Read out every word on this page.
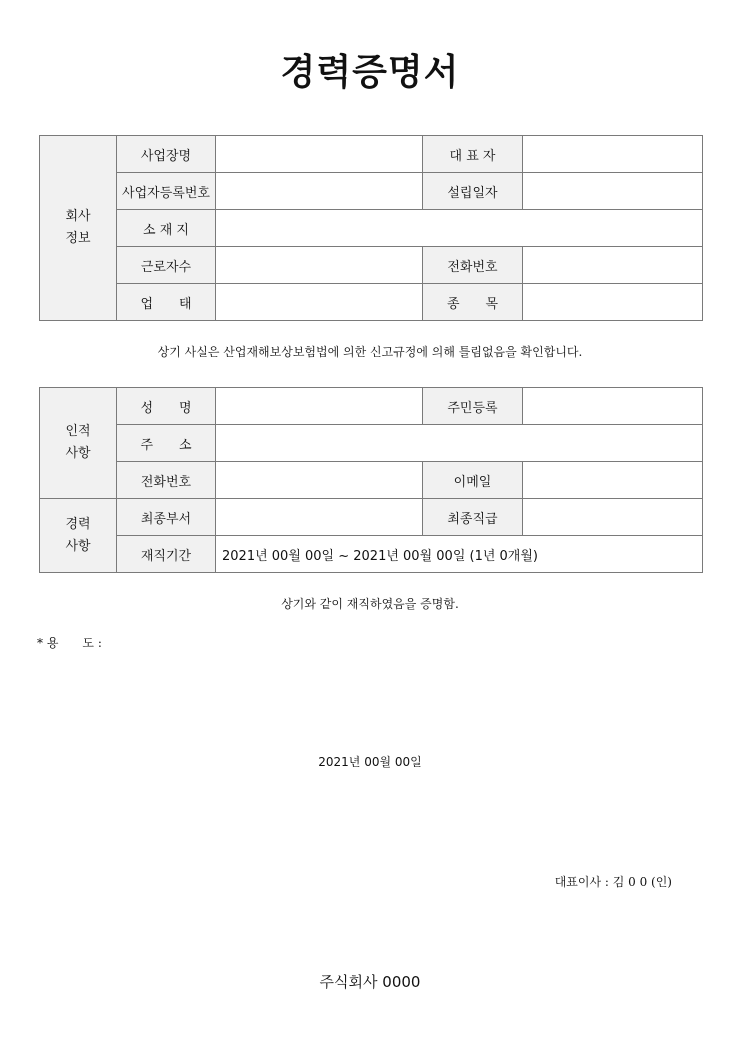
경력증명서
회사
정보	사업장명		대 표 자	
	사업자등록번호		설립일자	
	소 재 지			
	근로자수		전화번호	
	업　　태		종　　목	
상기 사실은 산업재해보상보험법에 의한 신고규정에 의해 틀림없음을 확인합니다.
인적
사항	성　　명		주민등록	
	주　　소			
	전화번호		이메일	
경력
사항	최종부서		최종직급	
	재직기간	2021년 00월 00일 ~ 2021년 00월 00일 (1년 0개월)		
상기와 같이 재직하였음을 증명함.
* 용　　도 :
2021년 00월 00일
대표이사 : 김 0 0 (인)
주식회사 0000
